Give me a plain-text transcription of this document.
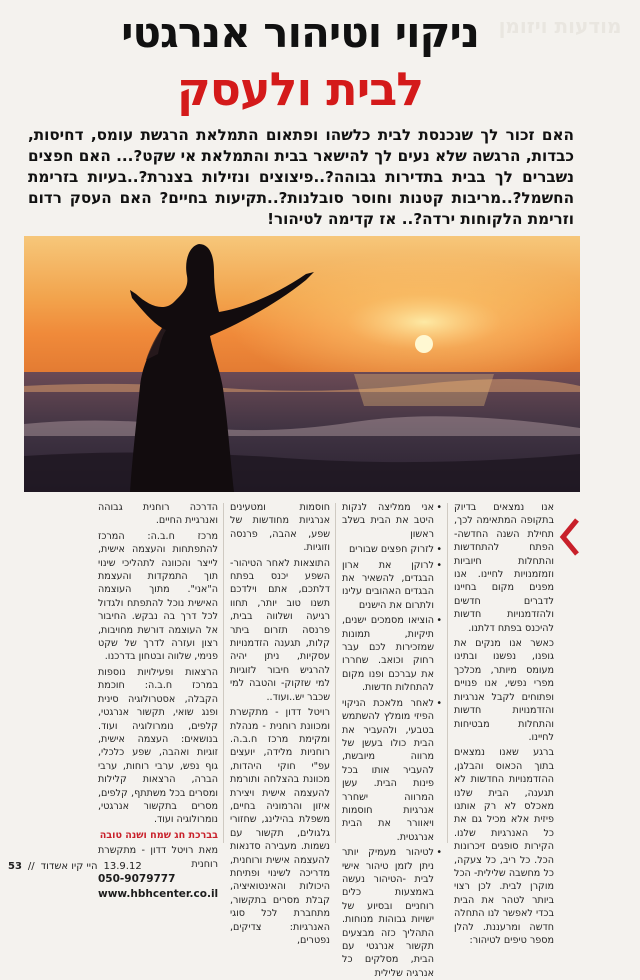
מודעות ויזומן
ניקוי וטיהור אנרגטי
לבית ולעסק
האם זכור לך שנכנסת לבית כלשהו ופתאום התמלאת הרגשת עומס, דחיסות, כבדות, הרגשה שלא נעים לך להישאר בבית והתמלאת אי שקט?... האם חפצים נשברים לך בבית בתדירות גבוהה?..פיצוצים ונזילות בצנרת?..בעיות בזרימת החשמל?..מריבות קטנות וחוסר סובלנות?..תקיעות בחיים? האם העסק רדום וזרימת הלקוחות ירדה?.. אז קדימה לטיהור!

אנו נמצאים בדיוק בתקופה המתאימה לכך, תחילת השנה החדשה- הפתח להתחדשות והתחלות חיוביות וזמזמנויות לחיינו. אנו מפנים מקום בחיינו לדברים חדשים ולהזדמנויות חדשות להיכנס בפתח דלתנו.

כאשר אנו מנקים את גופנו, נפשנו ובתינו מעומס מיותר, מכלכך מפרי נפשי, אנו פנויים ופתוחים לקבל אנרגיות והזדמנויות חדשות והתחלות מבטיחות לחיינו.

ברגע שאנו נמצאים בתוך הכאוס והבלגן, ההזדמנויות החדשות לא תגענה, הבית שלנו מאכלס לא רק אותנו פיזית אלא מכיל גם את כל האנרגיות שלנו. הקירות סופגים זיכרונות הכל. כל ריב, כל צעקה, כל מחשבה שלילית- הכל מוקרן לבית. לכן רצוי ביותר לטהר את הבית בכדי לאפשר לנו התחלה חדשה ומרעננת. להלן מספר טיפים לטיהור:

• אני ממליצה לנקות היטב את הבית בשלב ראשון

• לזרוק חפצים שבורים

• לרוקן את ארון הבגדים, להשאיר את הבגדים האהובים עלינו ולתרום את הישנים

• הוציאו מסמכים ישנים, תיקיות, תמונות שמזכירות לכם עבר רחוק וכואב. שחררו את עברכם ופנו מקום להתחלות חדשות.

• לאחר מלאכת הניקוי הפיזי מומלץ להשתמש בטבעי, ולהעביר את הבית כולו בעשן של מרווה מיובשת, להעביר אותו בכל פינות הבית. עשן המרווה ישחרר אנרגיות חוסמות ויאוורר את הבית אנרגטית.

• לטיהור מעמיק יותר ניתן לזמן טיהור אישי לבית -הטיהור נעשה באמצעות כלים רוחניים ובסיוע של ישויות גבוהות מנוחות. התהליך כזה מבצעים תקשור אנרגטי עם הבית, מסלקים כל אנרגיה שלילית

חוסמות ומטעינים אנרגיות מחודשות של שפע, אהבה, פרנסה וזוגיות.

התוצאות לאחר הטיהור- השפע יכנס בפתח דלתכם, אתם וילדכם תשנו טוב יותר, תחוו רגיעה ושלווה בבית, פרנסה תזרום ביתר קלות, תגענה הזדמנויות עסקיות, ניתן יהיה להרגיש חיבור לזוגיות למי שזקוק- והטבה למי שכבר יש..ועוד..

רויטל דדון - מתקשרת ומכוונת רוחנית - מנהלת ומקימת מרכז ח.ב.ה. רוחניות מלידה, יועצים עפ"י חוקי היהדות, מכוונת בהצלחה ותורמת להעצמה אישית ויצירת איזון והרמוניה בחיים, משפלת בהילינג, שחזורי גלגולים, תקשור עם נשמות. מעבירה סדנאות להעצמה אישית ורוחנית, מדריכה לשינוי ופתיחת היכולות והאינטואיציה, קבלת מסרים בתקשור, מתחברת לכל סוגי האנרגיות: צדיקים, נפטרים,

הדרכה רוחנית גבוהה ואנרגיית החיים.

מרכז ח.ב.ה: המרכז להתפתחות והעצמה אישית, לייצר והכוונה לתהליכי שינוי תוך התמקדות והעצמת ה"אני". מתוך העוצמה האישית נוכל להתפתח ולגדול לכל דרך בה נבקש. החיבור אל העוצמה דורשת מחויבות, רצון ועזרה לדרך של שקט פנימי, שלווה ובטחון בדרכנו.

הרצאות ופעילויות נוספות במרכז ח.ב.ה: חוכמת הקבלה, אסטרולוגיה סינית ופנג שואי, תקשור אנרגטי, קלפים, נומרולוגיה ועוד. בנושאים: העצמה אישית, זוגיות ואהבה, שפע כלכלי, גוף נפש, ערבי רוחות, ערבי הברה, הרצאות קלילות ומסרים בכל משתתף, קלפים, מסרים בתקשור אנרגטי, נומרולוגיה ועוד.

בברכת חג שמח ושנה טובה

מאת רויטל דדון - מתקשרת רוחנית

050-9079777

www.hbhcenter.co.il

53 // היי קיו אשדוד 13.9.12
